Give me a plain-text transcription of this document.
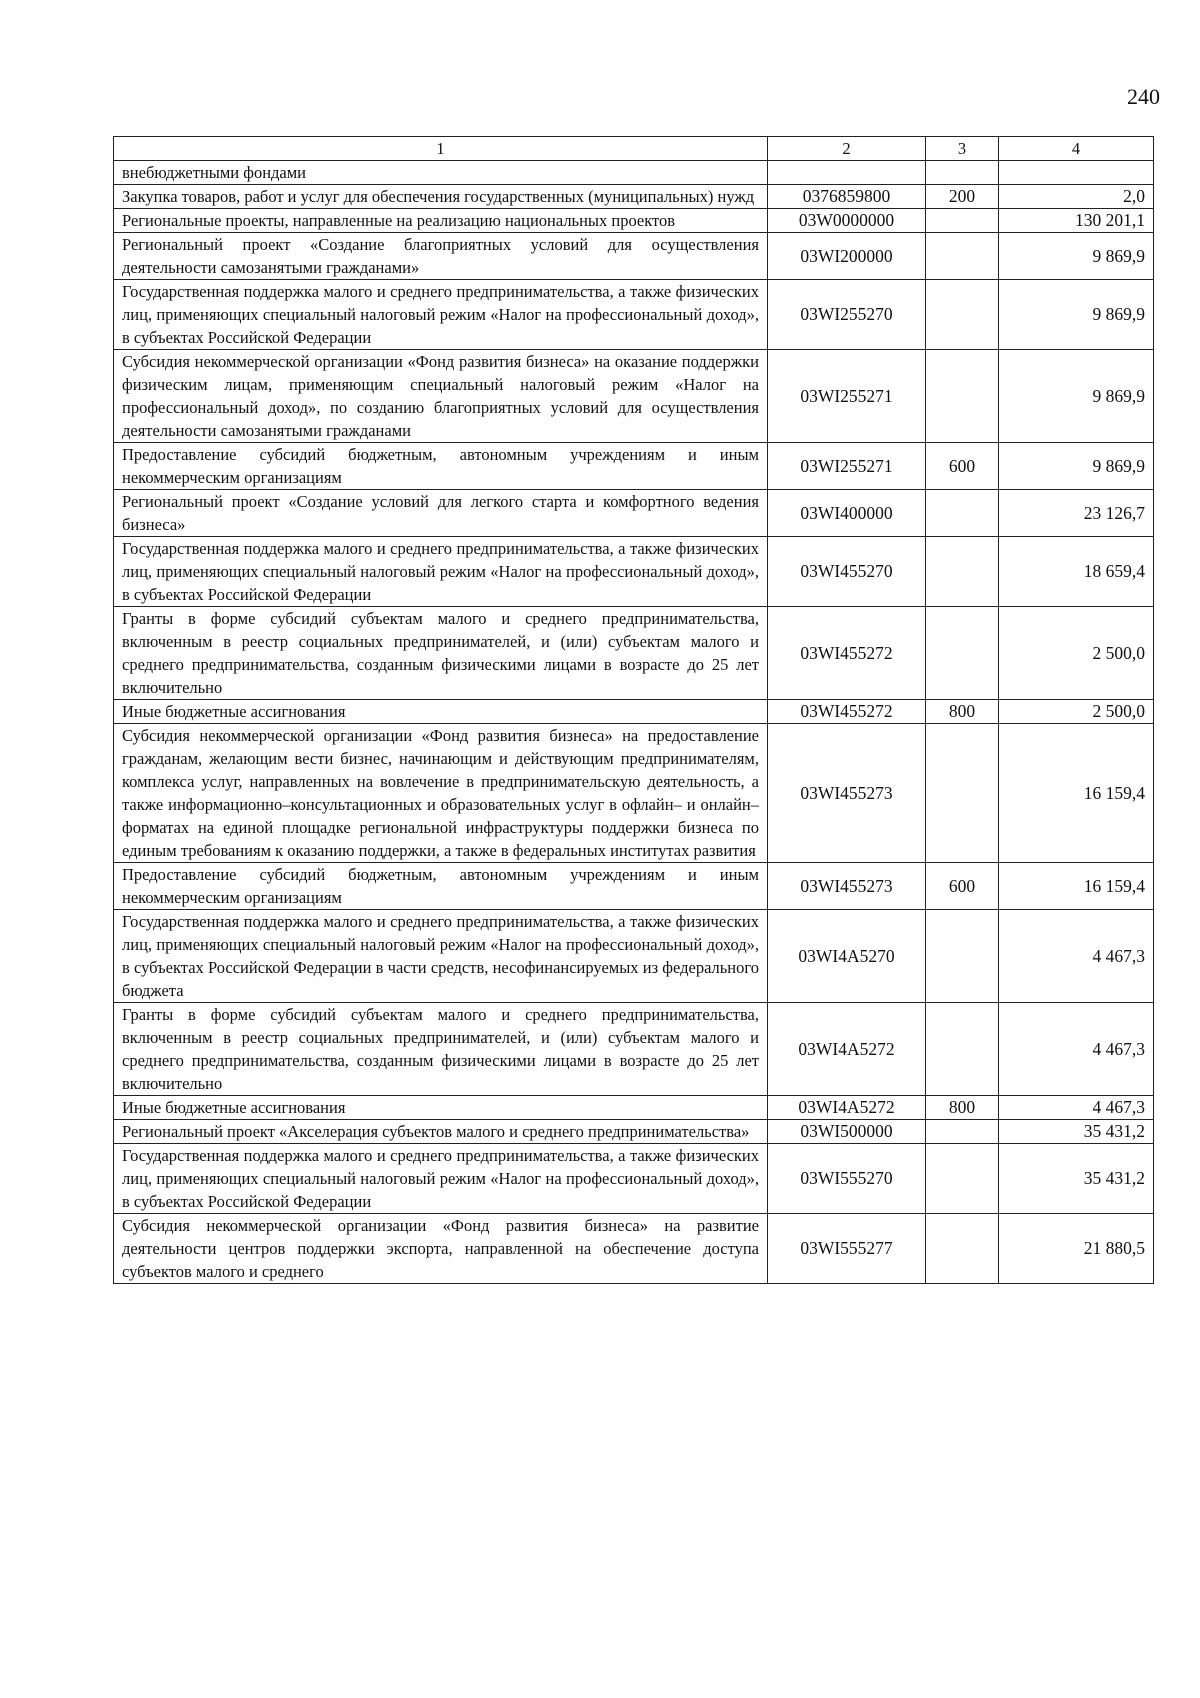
240
1	2	3	4
внебюджетными фондами			
Закупка товаров, работ и услуг для обеспечения государственных (муниципальных) нужд	0376859800	200	2,0
Региональные проекты, направленные на реализацию национальных проектов	03W0000000		130 201,1
Региональный проект «Создание благоприятных условий для осуществления деятельности самозанятыми гражданами»	03WI200000		9 869,9
Государственная поддержка малого и среднего предпринимательства, а также физических лиц, применяющих специальный налоговый режим «Налог на профессиональный доход», в субъектах Российской Федерации	03WI255270		9 869,9
Субсидия некоммерческой организации «Фонд развития бизнеса» на оказание поддержки физическим лицам, применяющим специальный налоговый режим «Налог на профессиональный доход», по созданию благоприятных условий для осуществления деятельности самозанятыми гражданами	03WI255271		9 869,9
Предоставление субсидий бюджетным, автономным учреждениям и иным некоммерческим организациям	03WI255271	600	9 869,9
Региональный проект «Создание условий для легкого старта и комфортного ведения бизнеса»	03WI400000		23 126,7
Государственная поддержка малого и среднего предпринимательства, а также физических лиц, применяющих специальный налоговый режим «Налог на профессиональный доход», в субъектах Российской Федерации	03WI455270		18 659,4
Гранты в форме субсидий субъектам малого и среднего предпринимательства, включенным в реестр социальных предпринимателей, и (или) субъектам малого и среднего предпринимательства, созданным физическими лицами в возрасте до 25 лет включительно	03WI455272		2 500,0
Иные бюджетные ассигнования	03WI455272	800	2 500,0
Субсидия некоммерческой организации «Фонд развития бизнеса» на предоставление гражданам, желающим вести бизнес, начинающим и действующим предпринимателям, комплекса услуг, направленных на вовлечение в предпринимательскую деятельность, а также информационно–консультационных и образовательных услуг в офлайн– и онлайн–форматах на единой площадке региональной инфраструктуры поддержки бизнеса по единым требованиям к оказанию поддержки, а также в федеральных институтах развития	03WI455273		16 159,4
Предоставление субсидий бюджетным, автономным учреждениям и иным некоммерческим организациям	03WI455273	600	16 159,4
Государственная поддержка малого и среднего предпринимательства, а также физических лиц, применяющих специальный налоговый режим «Налог на профессиональный доход», в субъектах Российской Федерации в части средств, несофинансируемых из федерального бюджета	03WI4A5270		4 467,3
Гранты в форме субсидий субъектам малого и среднего предпринимательства, включенным в реестр социальных предпринимателей, и (или) субъектам малого и среднего предпринимательства, созданным физическими лицами в возрасте до 25 лет включительно	03WI4A5272		4 467,3
Иные бюджетные ассигнования	03WI4A5272	800	4 467,3
Региональный проект «Акселерация субъектов малого и среднего предпринимательства»	03WI500000		35 431,2
Государственная поддержка малого и среднего предпринимательства, а также физических лиц, применяющих специальный налоговый режим «Налог на профессиональный доход», в субъектах Российской Федерации	03WI555270		35 431,2
Субсидия некоммерческой организации «Фонд развития бизнеса» на развитие деятельности центров поддержки экспорта, направленной на обеспечение доступа субъектов малого и среднего	03WI555277		21 880,5
